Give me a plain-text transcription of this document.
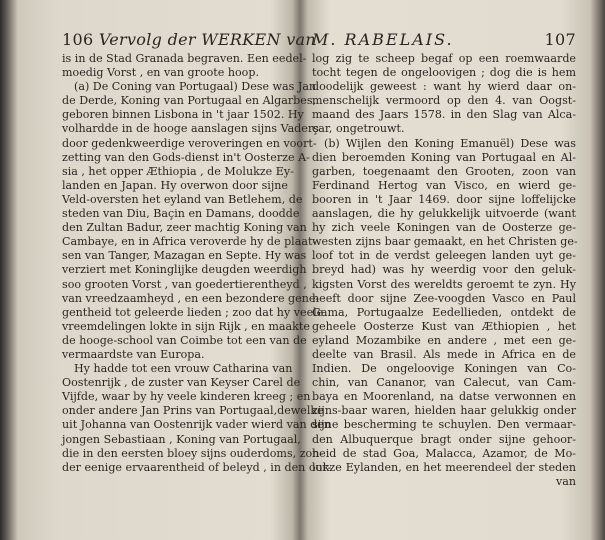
106 Vervolg der WERKEN van
is in de Stad Granada begraven. Een eedel-
moedig Vorst , en van groote hoop.
(a) De Coning van Portugaal) Dese was Jan
de Derde, Koning van Portugaal en Algarbes,
geboren binnen Lisbona in 't jaar 1502. Hy
volhardde in de hooge aanslagen sijns Vaders
door gedenkweerdige veroveringen en voort-
zetting van den Gods-dienst in't Oosterze A-
sia , het opper Æthiopia , de Molukze Ey-
landen en Japan. Hy overwon door sijne
Veld-oversten het eyland van Betlehem, de
steden van Diu, Baçin en Damans, doodde
den Zultan Badur, zeer machtig Koning van
Cambaye, en in Africa veroverde hy de plaat-
sen van Tanger, Mazagan en Septe. Hy was
verziert met Koninglijke deugden weerdigh
soo grooten Vorst , van goedertierentheyd ,
van vreedzaamheyd , en een bezondere gene-
gentheid tot geleerde lieden ; zoo dat hy veele
vreemdelingen lokte in sijn Rijk , en maakte
de hooge-school van Coimbe tot een van de
vermaardste van Europa.
Hy hadde tot een vrouw Catharina van
Oostenrijk , de zuster van Keyser Carel de
Vijfde, waar by hy veele kinderen kreeg ; en
onder andere Jan Prins van Portugaal,dewelke
uit Johanna van Oostenrijk vader wierd van den
jongen Sebastiaan , Koning van Portugaal,
die in den eersten bloey sijns ouderdoms, zon-
der eenige ervaarentheid of beleyd , in den oor-
M. RABELAIS.	107
log zig te scheep begaf op een roemwaarde
tocht tegen de ongeloovigen ; dog die is hem
doodelijk geweest : want hy wierd daar on-
menschelijk vermoord op den 4. van Oogst-
maand des Jaars 1578. in den Slag van Alca-
çar, ongetrouwt.
(b) Wijlen den Koning Emanuël) Dese was
dien beroemden Koning van Portugaal en Al-
garben, toegenaamt den Grooten, zoon van
Ferdinand Hertog van Visco, en wierd ge-
booren in 't Jaar 1469. door sijne loffelijcke
aanslagen, die hy gelukkelijk uitvoerde (want
hy zich veele Koningen van de Oosterze ge-
westen zijns baar gemaakt, en het Christen ge-
loof tot in de verdst geleegen landen uyt ge-
breyd had) was hy weerdig voor den geluk-
kigsten Vorst des wereldts geroemt te zyn. Hy
heeft door sijne Zee-voogden Vasco en Paul
Gama, Portugaalze Eedellieden, ontdekt de
geheele Oosterze Kust van Æthiopien , het
eyland Mozambike en andere , met een ge-
deelte van Brasil. Als mede in Africa en de
Indien. De ongeloovige Koningen van Co-
chin, van Cananor, van Calecut, van Cam-
baya en Moorenland, na datse verwonnen en
zijns-baar waren, hielden haar gelukkig onder
sijne bescherming te schuylen. Den vermaar-
den Albuquerque bragt onder sijne gehoor-
heid de stad Goa, Malacca, Azamor, de Mo-
lukze Eylanden, en het meerendeel der steden
van
